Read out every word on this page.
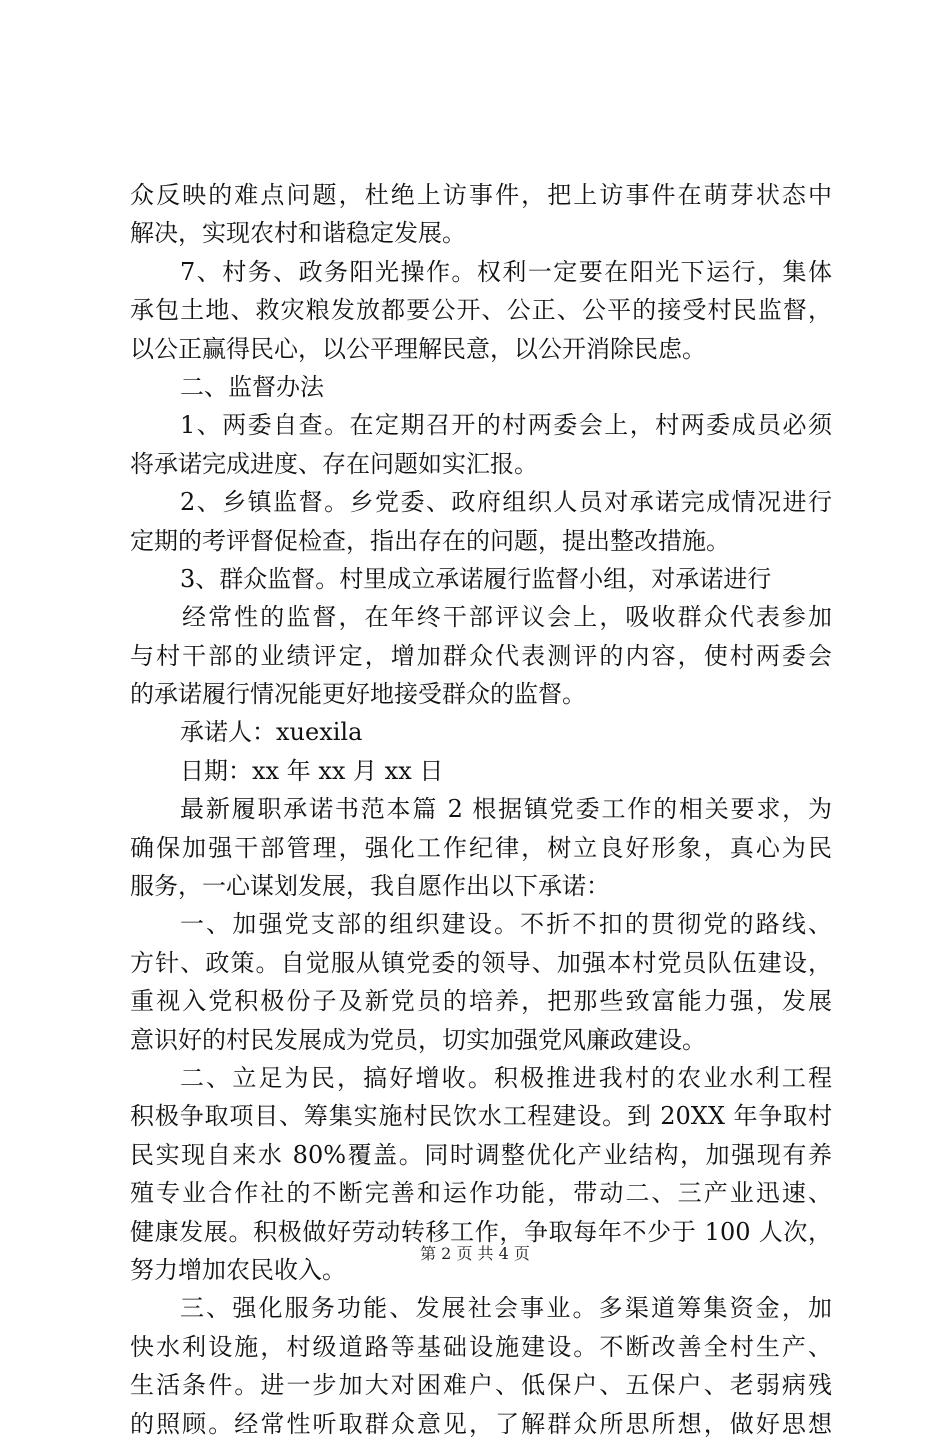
众反映的难点问题，杜绝上访事件，把上访事件在萌芽状态中
解决，实现农村和谐稳定发展。
7、村务、政务阳光操作。权利一定要在阳光下运行，集体
承包土地、救灾粮发放都要公开、公正、公平的接受村民监督，
以公正赢得民心，以公平理解民意，以公开消除民虑。
二、监督办法
1、两委自查。在定期召开的村两委会上，村两委成员必须
将承诺完成进度、存在问题如实汇报。
2、乡镇监督。乡党委、政府组织人员对承诺完成情况进行
定期的考评督促检查，指出存在的问题，提出整改措施。
3、群众监督。村里成立承诺履行监督小组，对承诺进行
经常性的监督，在年终干部评议会上，吸收群众代表参加
与村干部的业绩评定，增加群众代表测评的内容，使村两委会
的承诺履行情况能更好地接受群众的监督。
承诺人：xuexila
日期：xx 年 xx 月 xx 日
最新履职承诺书范本篇 2 根据镇党委工作的相关要求，为
确保加强干部管理，强化工作纪律，树立良好形象，真心为民
服务，一心谋划发展，我自愿作出以下承诺：
一、加强党支部的组织建设。不折不扣的贯彻党的路线、
方针、政策。自觉服从镇党委的领导、加强本村党员队伍建设，
重视入党积极份子及新党员的培养，把那些致富能力强，发展
意识好的村民发展成为党员，切实加强党风廉政建设。
二、立足为民，搞好增收。积极推进我村的农业水利工程
积极争取项目、筹集实施村民饮水工程建设。到 20XX 年争取村
民实现自来水 80%覆盖。同时调整优化产业结构，加强现有养
殖专业合作社的不断完善和运作功能，带动二、三产业迅速、
健康发展。积极做好劳动转移工作，争取每年不少于 100 人次，
努力增加农民收入。
三、强化服务功能、发展社会事业。多渠道筹集资金，加
快水利设施，村级道路等基础设施建设。不断改善全村生产、
生活条件。进一步加大对困难户、低保户、五保户、老弱病残
的照顾。经常性听取群众意见，了解群众所思所想，做好思想
第 2 页 共 4 页
